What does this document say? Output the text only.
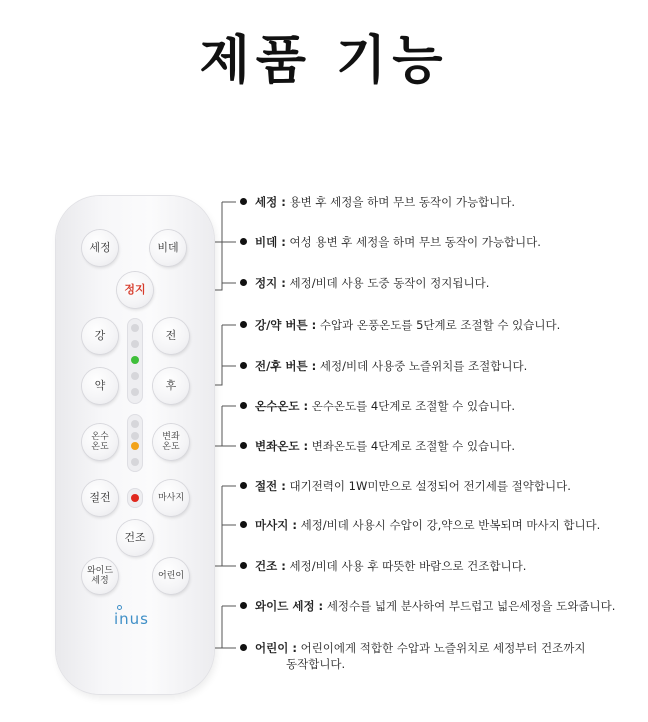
제품 기능
세정	비데
정지
강	전
약	후
온수
온도
변좌
온도
절전	마사지
건조
와이드
세정	어린이
inus
세정 : 용변 후 세정을 하며 무브 동작이 가능합니다.
비데 : 여성 용변 후 세정을 하며 무브 동작이 가능합니다.
정지 : 세정/비데 사용 도중 동작이 정지됩니다.
강/약 버튼 : 수압과 온풍온도를 5단계로 조절할 수 있습니다.
전/후 버튼 : 세정/비데 사용중 노즐위치를 조절합니다.
온수온도 : 온수온도를 4단계로 조절할 수 있습니다.
변좌온도 : 변좌온도를 4단계로 조절할 수 있습니다.
절전 : 대기전력이 1W미만으로 설정되어 전기세를 절약합니다.
마사지 : 세정/비데 사용시 수압이 강,약으로 반복되며 마사지 합니다.
건조 : 세정/비데 사용 후 따뜻한 바람으로 건조합니다.
와이드 세정 : 세정수를 넓게 분사하여 부드럽고 넓은세정을 도와줍니다.
어린이 : 어린이에게 적합한 수압과 노즐위치로 세정부터 건조까지
동작합니다.
